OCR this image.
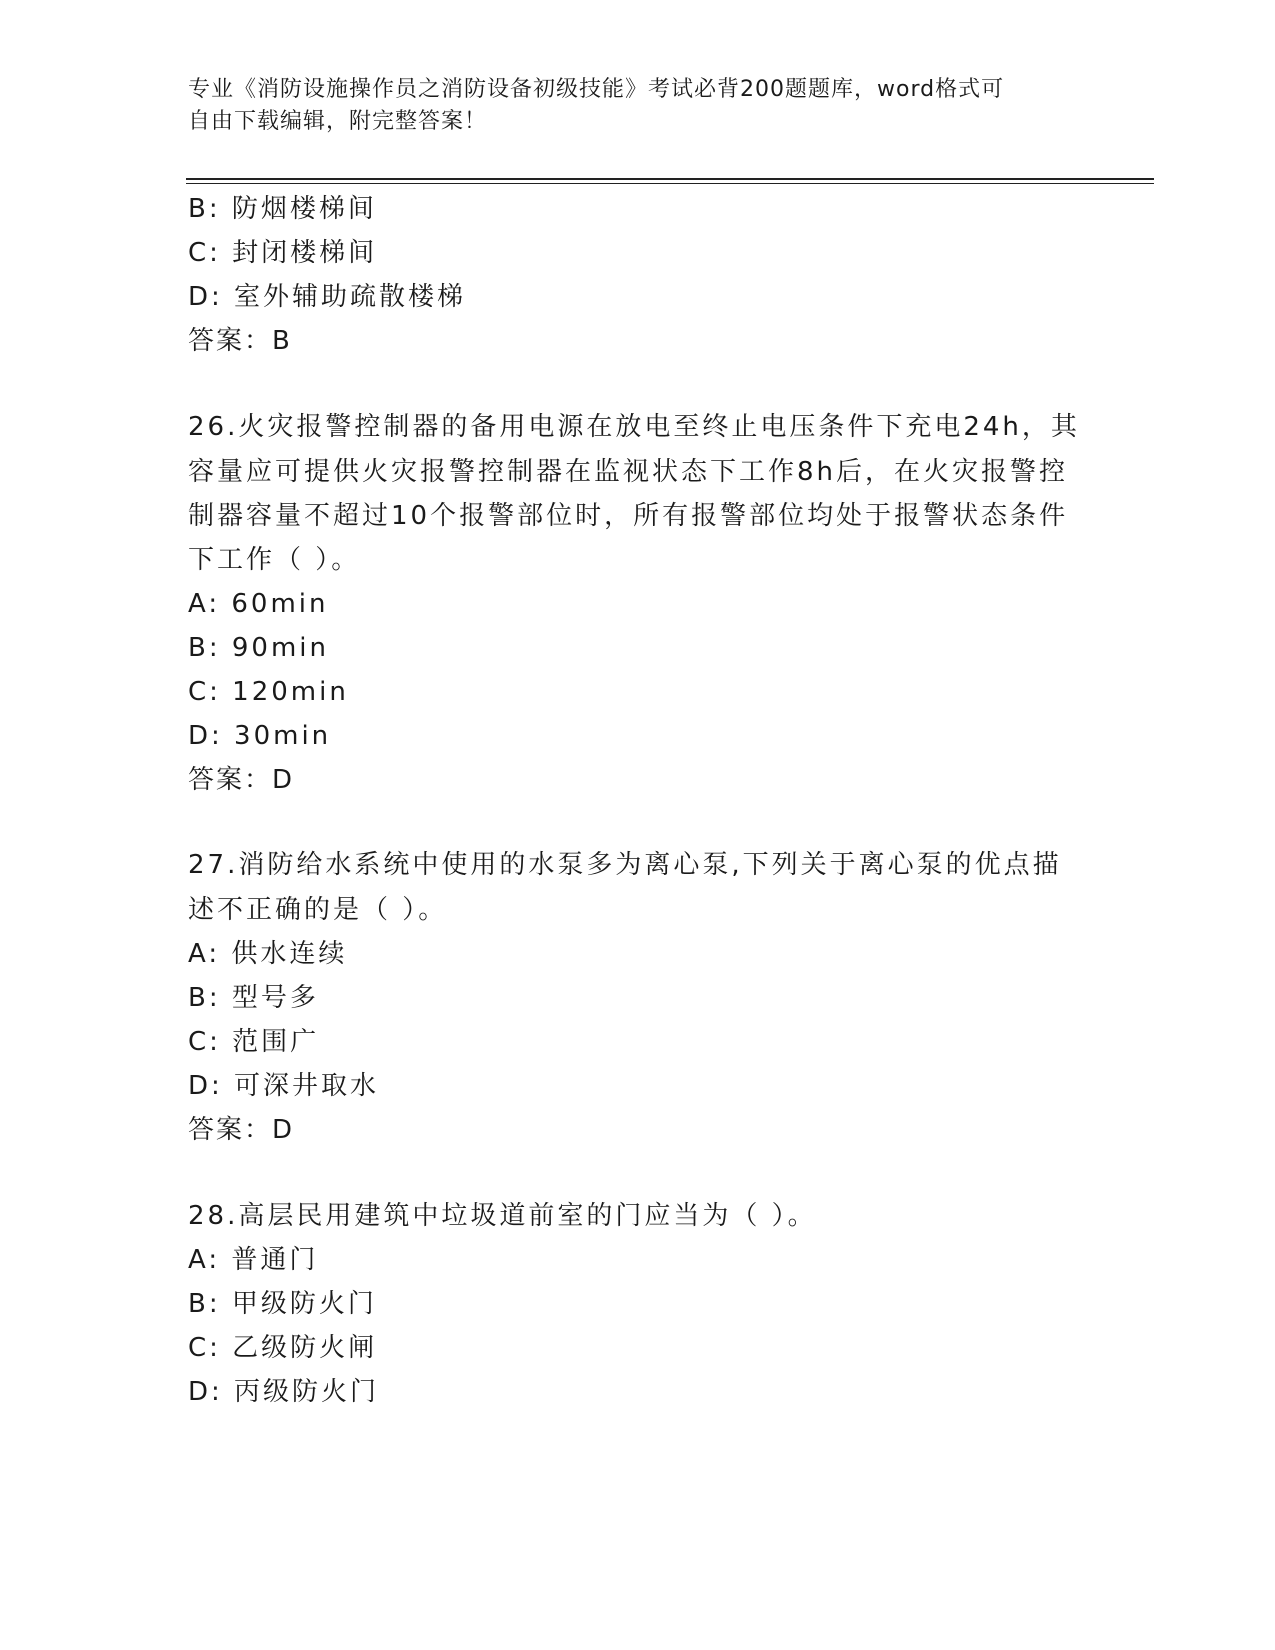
专业《消防设施操作员之消防设备初级技能》考试必背200题题库，word格式可
自由下载编辑，附完整答案！
B: 防烟楼梯间
C: 封闭楼梯间
D: 室外辅助疏散楼梯
答案：B
26.火灾报警控制器的备用电源在放电至终止电压条件下充电24h，其
容量应可提供火灾报警控制器在监视状态下工作8h后，在火灾报警控
制器容量不超过10个报警部位时，所有报警部位均处于报警状态条件
下工作（ ）。
A: 60min
B: 90min
C: 120min
D: 30min
答案：D
27.消防给水系统中使用的水泵多为离心泵,下列关于离心泵的优点描
述不正确的是（ ）。
A: 供水连续
B: 型号多
C: 范围广
D: 可深井取水
答案：D
28.高层民用建筑中垃圾道前室的门应当为（ ）。
A: 普通门
B: 甲级防火门
C: 乙级防火闸
D: 丙级防火门
